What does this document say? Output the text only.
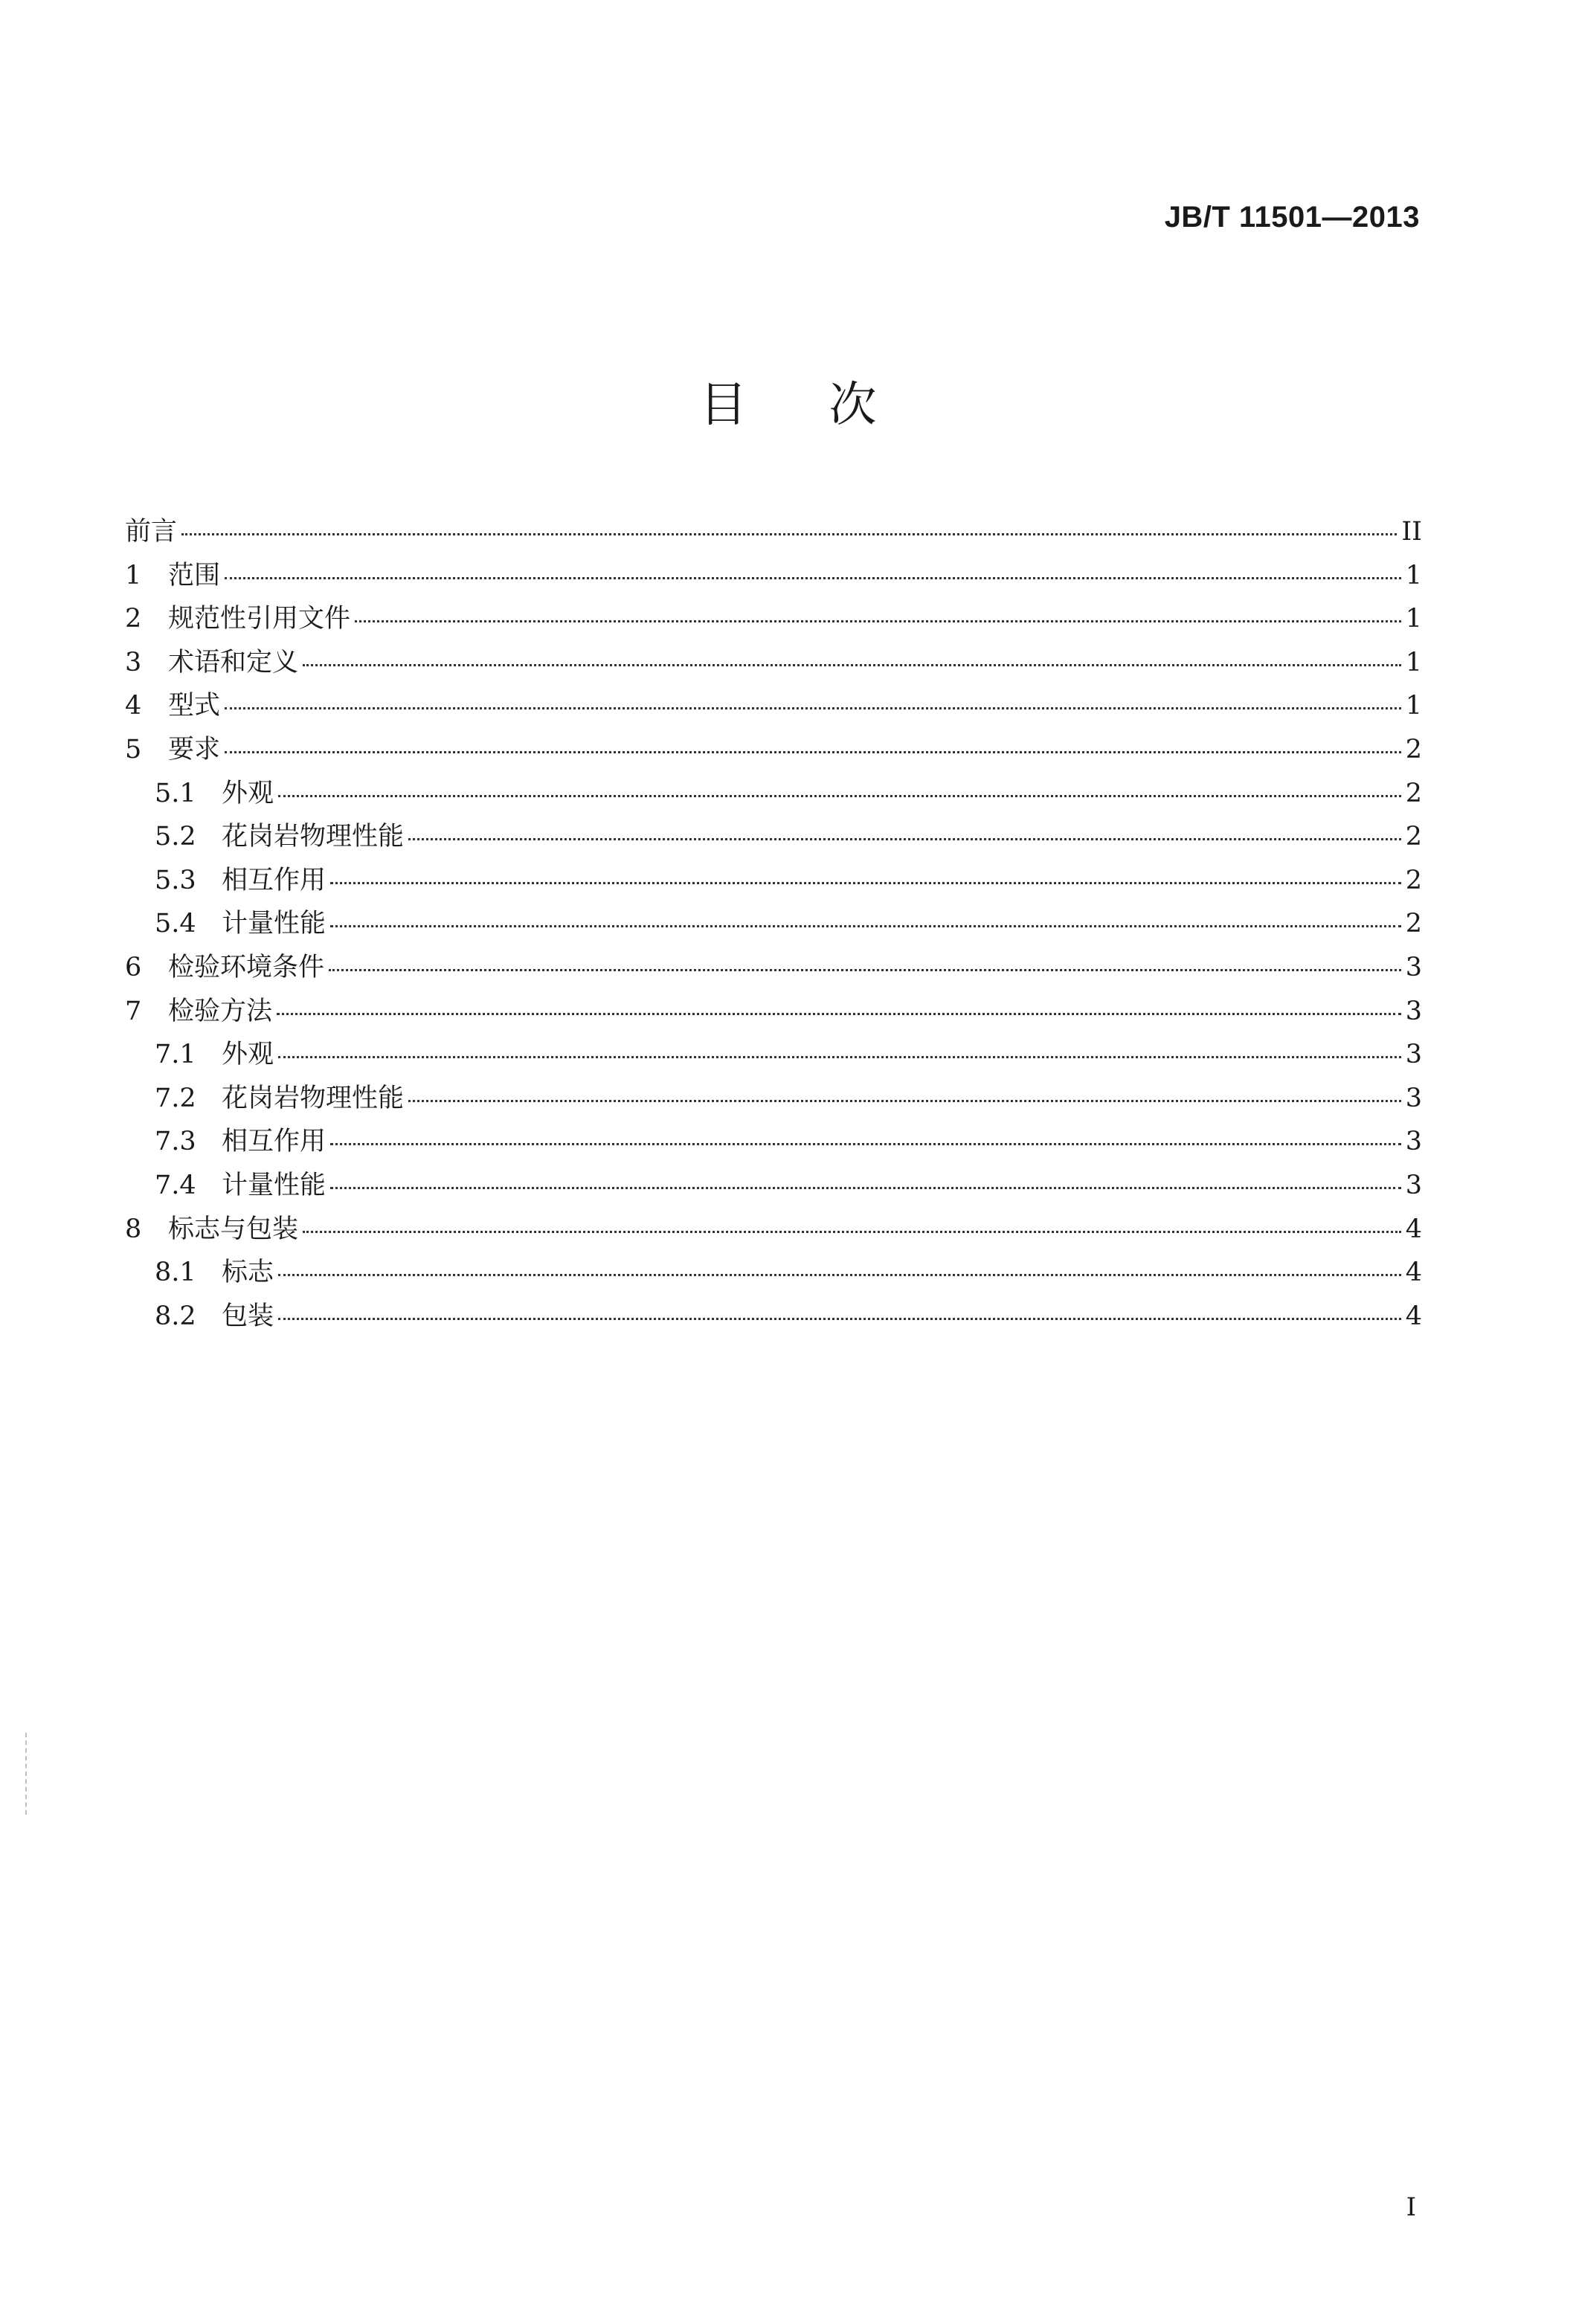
JB/T 11501—2013
目 次
前言	II
1	范围	1
2	规范性引用文件	1
3	术语和定义	1
4	型式	1
5	要求	2
5.1 外观	2
5.2 花岗岩物理性能	2
5.3 相互作用	2
5.4 计量性能	2
6	检验环境条件	3
7	检验方法	3
7.1 外观	3
7.2 花岗岩物理性能	3
7.3 相互作用	3
7.4 计量性能	3
8	标志与包装	4
8.1 标志	4
8.2 包装	4
I
